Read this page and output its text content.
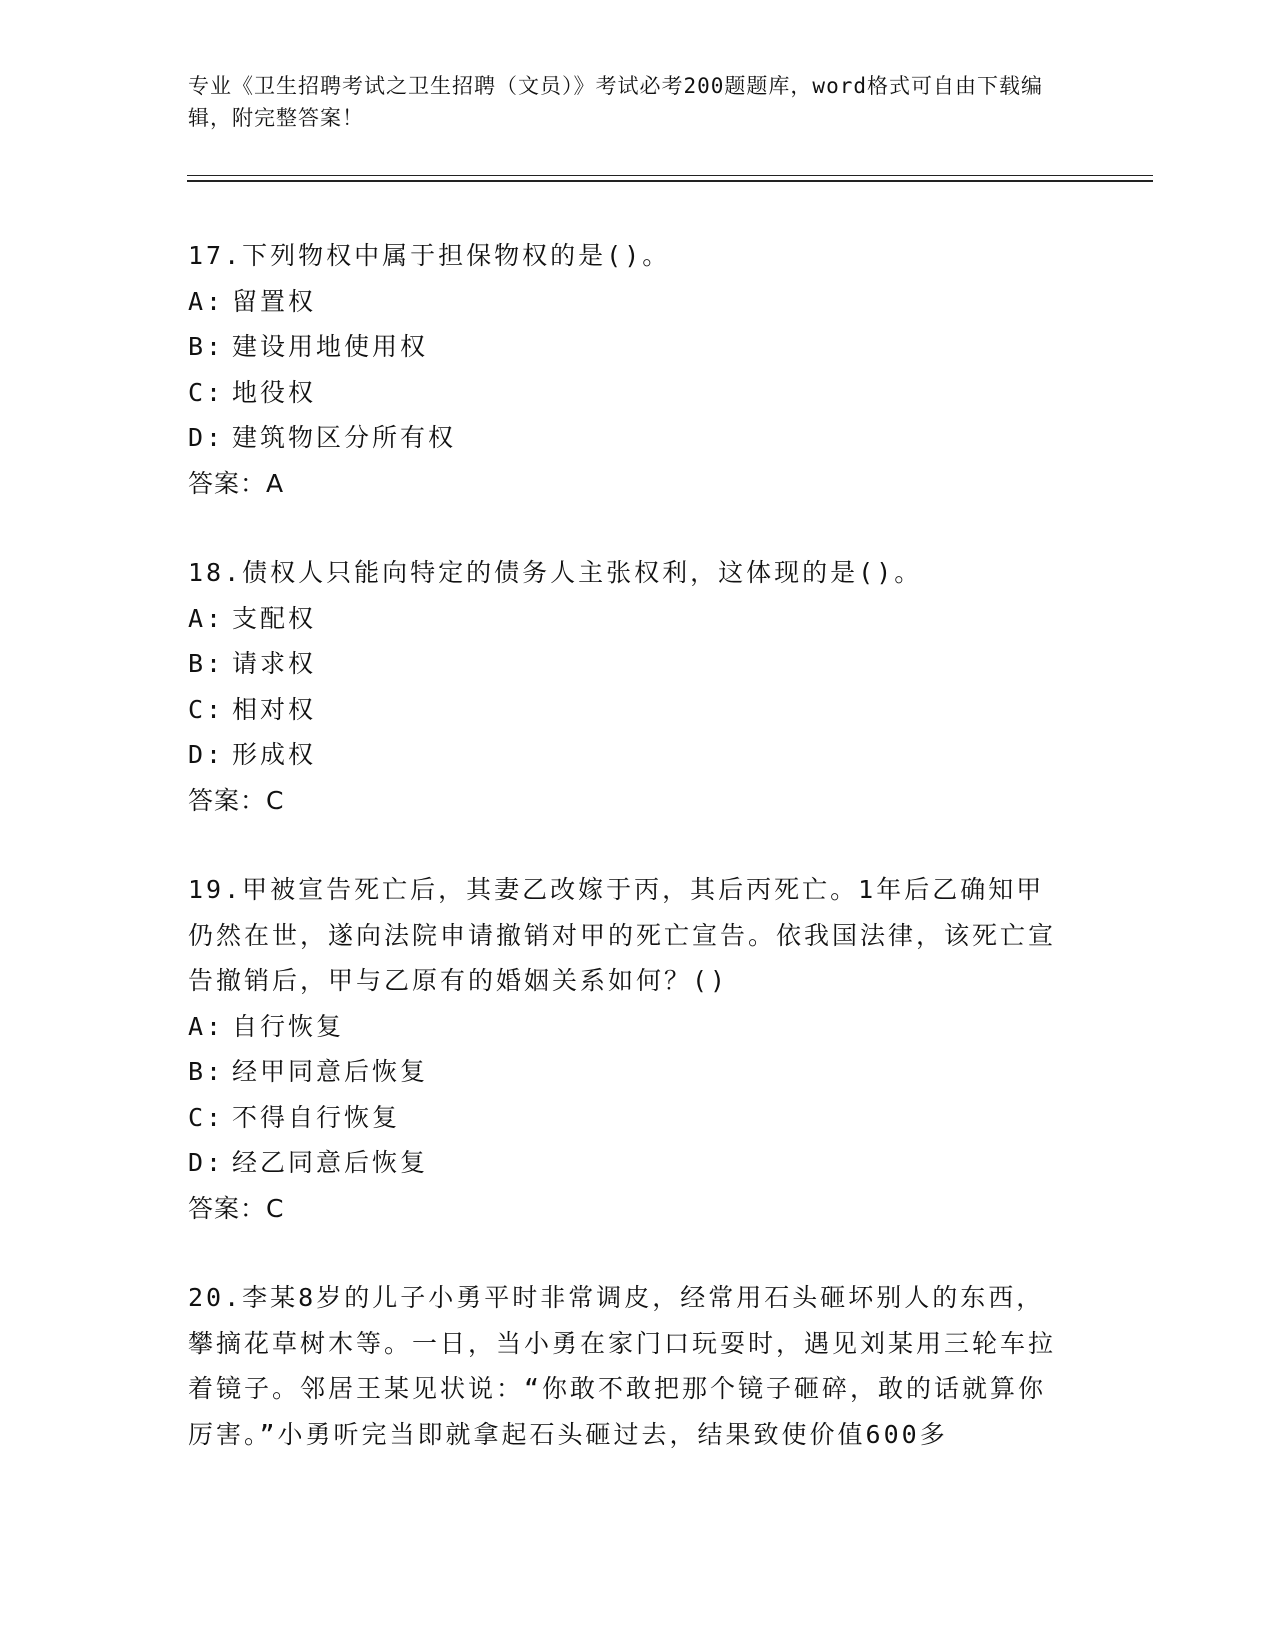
专业《卫生招聘考试之卫生招聘（文员）》考试必考200题题库，word格式可自由下载编辑，附完整答案！
17.下列物权中属于担保物权的是()。
A: 留置权
B: 建设用地使用权
C: 地役权
D: 建筑物区分所有权
答案：A
18.债权人只能向特定的债务人主张权利，这体现的是()。
A: 支配权
B: 请求权
C: 相对权
D: 形成权
答案：C
19.甲被宣告死亡后，其妻乙改嫁于丙，其后丙死亡。1年后乙确知甲仍然在世，遂向法院申请撤销对甲的死亡宣告。依我国法律，该死亡宣告撤销后，甲与乙原有的婚姻关系如何？()
A: 自行恢复
B: 经甲同意后恢复
C: 不得自行恢复
D: 经乙同意后恢复
答案：C
20.李某8岁的儿子小勇平时非常调皮，经常用石头砸坏别人的东西，攀摘花草树木等。一日，当小勇在家门口玩耍时，遇见刘某用三轮车拉着镜子。邻居王某见状说：“你敢不敢把那个镜子砸碎，敢的话就算你厉害。”小勇听完当即就拿起石头砸过去，结果致使价值600多
